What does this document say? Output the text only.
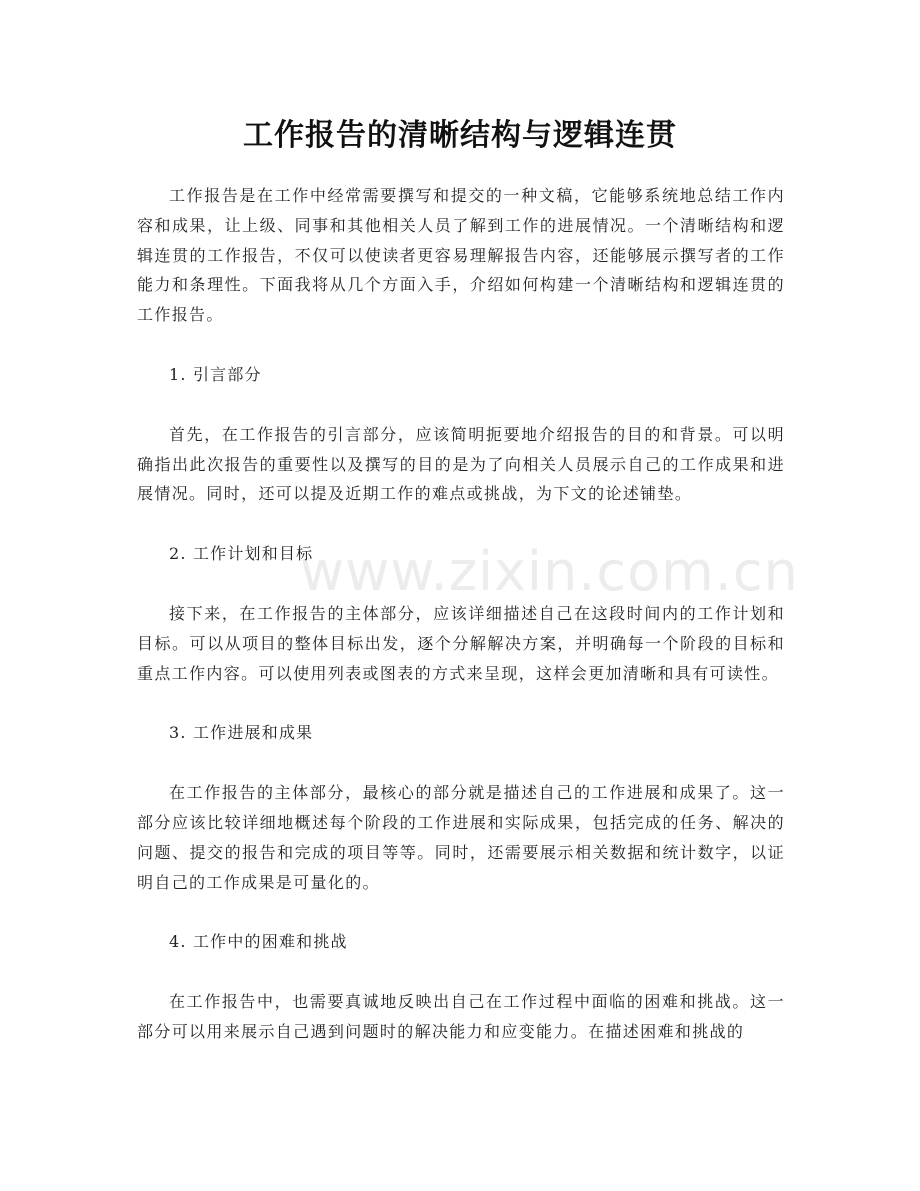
工作报告的清晰结构与逻辑连贯

工作报告是在工作中经常需要撰写和提交的一种文稿，它能够系统地总结工作内容和成果，让上级、同事和其他相关人员了解到工作的进展情况。一个清晰结构和逻辑连贯的工作报告，不仅可以使读者更容易理解报告内容，还能够展示撰写者的工作能力和条理性。下面我将从几个方面入手，介绍如何构建一个清晰结构和逻辑连贯的工作报告。

1. 引言部分

首先，在工作报告的引言部分，应该简明扼要地介绍报告的目的和背景。可以明确指出此次报告的重要性以及撰写的目的是为了向相关人员展示自己的工作成果和进展情况。同时，还可以提及近期工作的难点或挑战，为下文的论述铺垫。

2. 工作计划和目标

接下来，在工作报告的主体部分，应该详细描述自己在这段时间内的工作计划和目标。可以从项目的整体目标出发，逐个分解解决方案，并明确每一个阶段的目标和重点工作内容。可以使用列表或图表的方式来呈现，这样会更加清晰和具有可读性。

3. 工作进展和成果

在工作报告的主体部分，最核心的部分就是描述自己的工作进展和成果了。这一部分应该比较详细地概述每个阶段的工作进展和实际成果，包括完成的任务、解决的问题、提交的报告和完成的项目等等。同时，还需要展示相关数据和统计数字，以证明自己的工作成果是可量化的。

4. 工作中的困难和挑战

在工作报告中，也需要真诚地反映出自己在工作过程中面临的困难和挑战。这一部分可以用来展示自己遇到问题时的解决能力和应变能力。在描述困难和挑战的

www.zixin.com.cn
